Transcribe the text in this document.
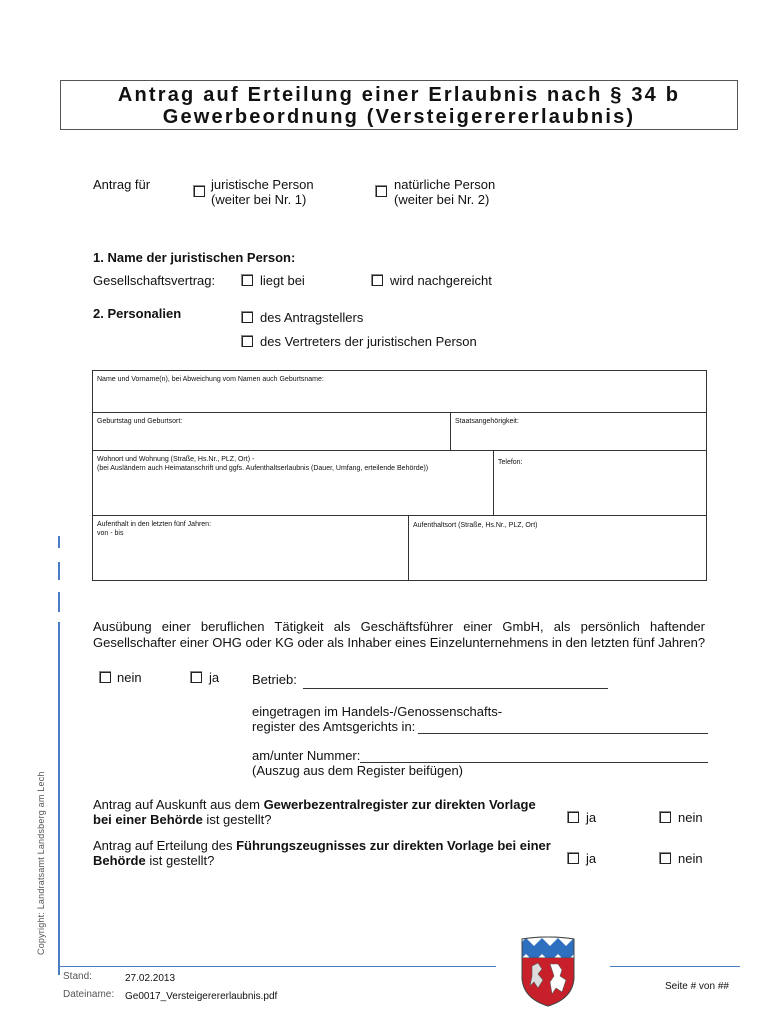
Antrag auf Erteilung einer Erlaubnis nach § 34 b
Gewerbeordnung (Versteigerererlaubnis)
Antrag für	juristische Person
(weiter bei Nr. 1)
natürliche Person
(weiter bei Nr. 2)
1. Name der juristischen Person:
Gesellschaftsvertrag:	liegt bei	wird nachgereicht
2. Personalien	des Antragstellers
des Vertreters der juristischen Person
Name und Vorname(n), bei Abweichung vom Namen auch Geburtsname:
Geburtstag und Geburtsort:	Staatsangehörigkeit:
Wohnort und Wohnung (Straße, Hs.Nr., PLZ, Ort) -
(bei Ausländern auch Heimatanschrift und ggfs. Aufenthaltserlaubnis (Dauer, Umfang, erteilende Behörde))
Telefon:
Aufenthalt in den letzten fünf Jahren:
von - bis
Aufenthaltsort (Straße, Hs.Nr., PLZ, Ort)
Ausübung einer beruflichen Tätigkeit als Geschäftsführer einer GmbH, als persönlich haftender
Gesellschafter einer OHG oder KG oder als Inhaber eines Einzelunternehmens in den letzten fünf Jahren?
nein	ja	Betrieb:
eingetragen im Handels-/Genossenschafts-
register des Amtsgerichts in:
am/unter Nummer:
(Auszug aus dem Register beifügen)
Antrag auf Auskunft aus dem Gewerbezentralregister zur direkten Vorlage
bei einer Behörde ist gestellt?	ja	nein
Antrag auf Erteilung des Führungszeugnisses zur direkten Vorlage bei einer
Behörde ist gestellt?	ja	nein
Copyright: Landratsamt Landsberg am Lech
Stand:	27.02.2013
Dateiname: Ge0017_Versteigerererlaubnis.pdf
Seite # von ##
